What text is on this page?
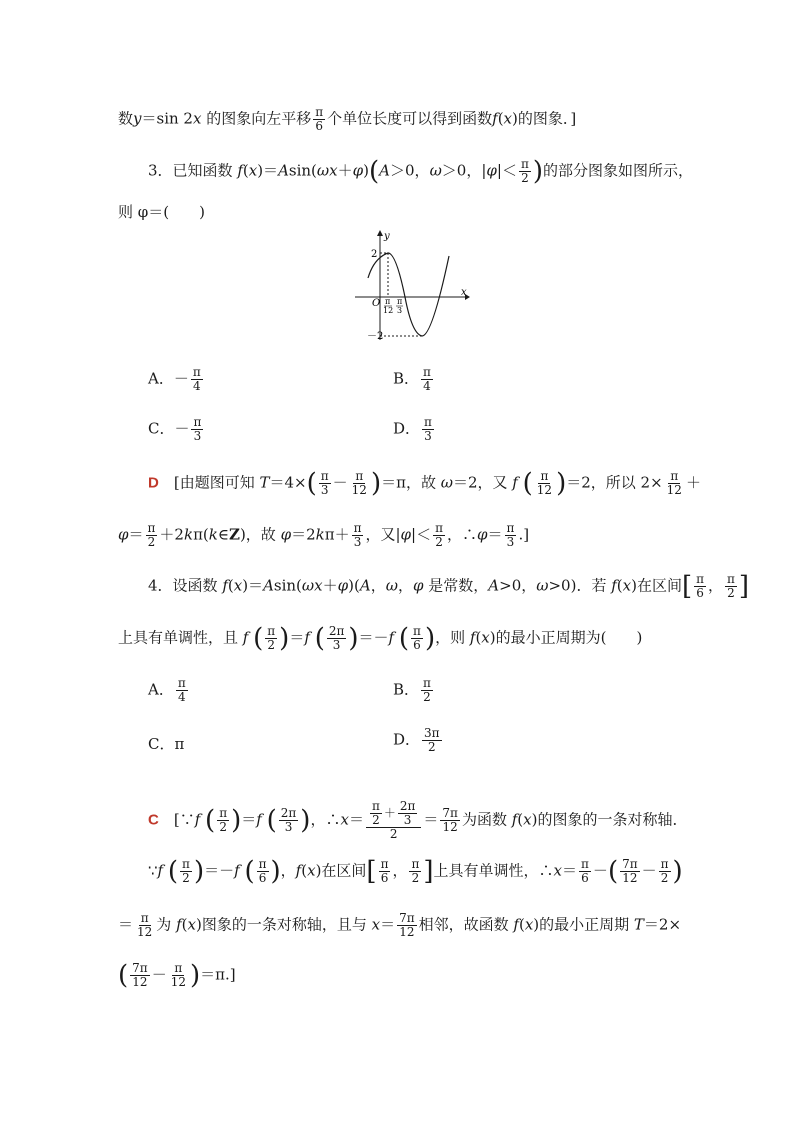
数y＝sin 2x 的图象向左平移 $\frac{\pi}{6}$ 个单位长度可以得到函数f(x)的图象．]
3．已知函数 f(x)＝Asin(ωx＋φ)(A＞0，ω＞0，$|\varphi|< \frac{\pi}{2}$ )的部分图象如图所示，
则 φ＝(　　)
y
x
O
2
－2
π
12
π
3
A．－ $\frac{\pi}{4}$	B． $\frac{\pi}{4}$
C．－ $\frac{\pi}{3}$	D． $\frac{\pi}{3}$
D　[由题图可知 $T=4\times( \frac{\pi}{3} - \frac{\pi}{12} )=\pi$，故 ω＝2，又 f ( $\frac{\pi}{12} )=2$，所以 $2\times \frac{\pi}{12}$ ＋
$\varphi= \frac{\pi}{2}$ ＋2kπ(k∈Z)，故 $\varphi=2k\pi+ \frac{\pi}{3}$ ，又$|\varphi|< \frac{\pi}{2}$ ，∴φ＝ $\frac{\pi}{3}$ .]
4．设函数 f(x)＝Asin(ωx＋φ)(A，ω，φ 是常数，A>0，ω>0)．若 f(x)在区间[ $\frac{\pi}{6}$ ， $\frac{\pi}{2}$ ]
上具有单调性，且 f ( $\frac{\pi}{2} )=f$ ( $\frac{2\pi}{3} )=-f$ ( $\frac{\pi}{6}$ )，则 f(x)的最小正周期为(　　)
A． $\frac{\pi}{4}$	B． $\frac{\pi}{2}$
C．π	D． $\frac{3\pi}{2}$
C　[∵f ( $\frac{\pi}{2} )=f$ ( $\frac{2\pi}{3}$ )，∴x＝ $\frac{\frac{\pi}{2} + \frac{2\pi}{3}}{2} = \frac{7\pi}{12}$ 为函数 f(x)的图象的一条对称轴．
∵f ( $\frac{\pi}{2} )=-f$ ( $\frac{\pi}{6}$ )，f(x)在区间[ $\frac{\pi}{6}$ ， $\frac{\pi}{2}$ ]上具有单调性，∴x＝ $\frac{\pi}{6}$ －( $\frac{7\pi}{12} - \frac{\pi}{2}$ )
＝ $\frac{\pi}{12}$ 为 f(x)图象的一条对称轴，且与 $x= \frac{7\pi}{12}$ 相邻，故函数 f(x)的最小正周期 T＝2×
( $\frac{7\pi}{12} - \frac{\pi}{12} )=\pi$.]
